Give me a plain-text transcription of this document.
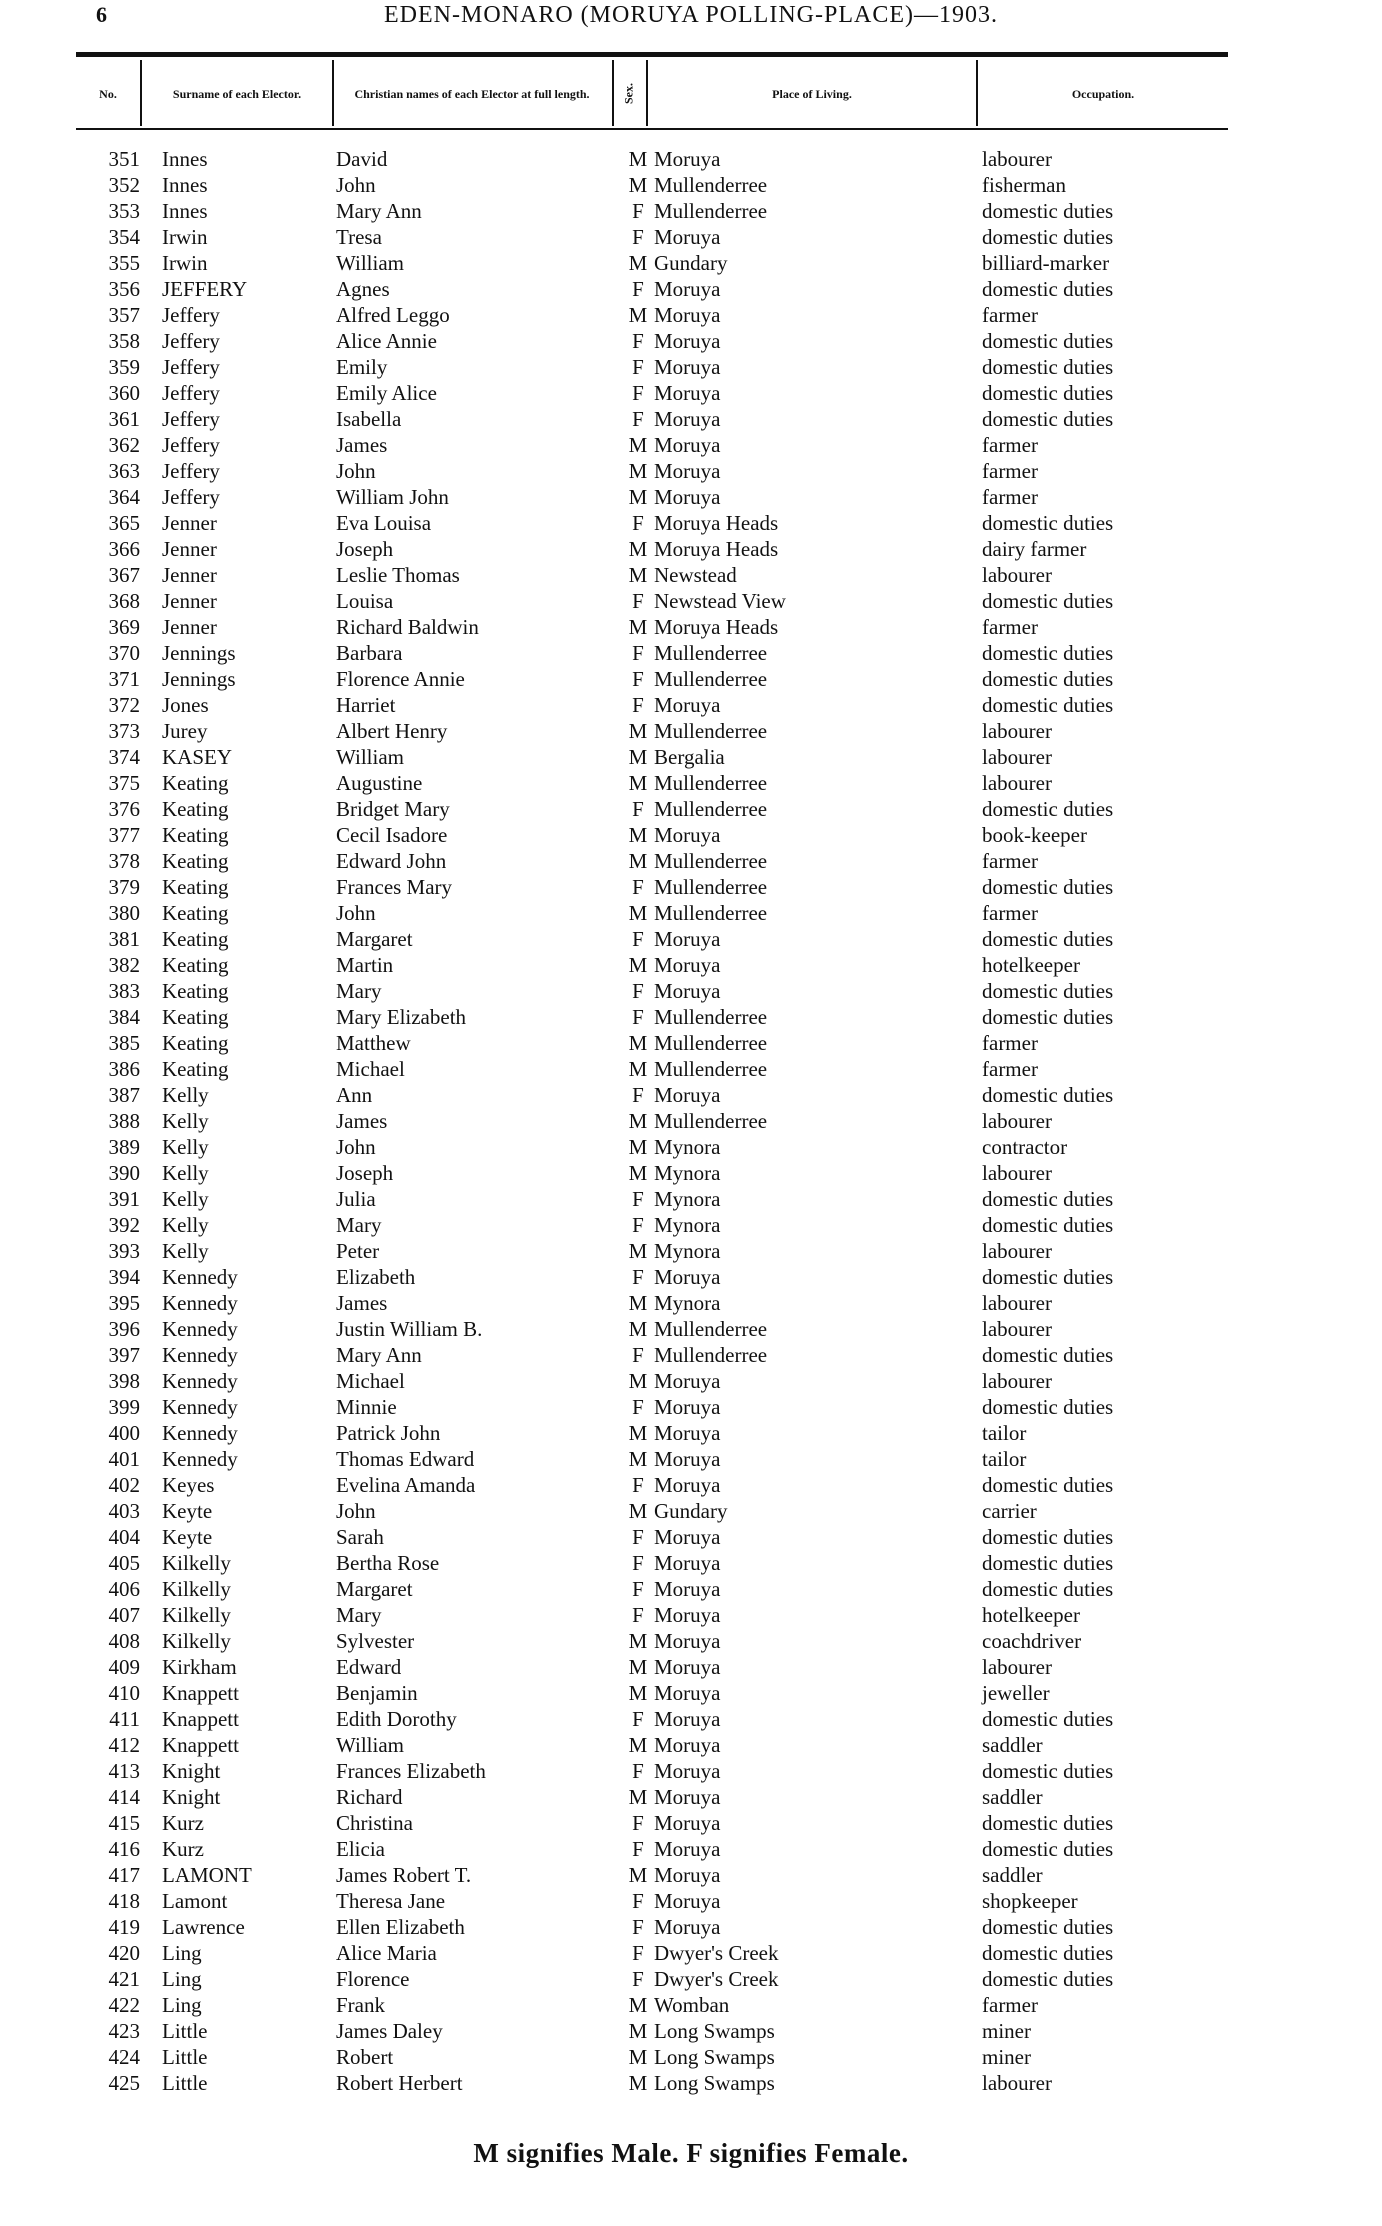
6	EDEN-MONARO (MORUYA POLLING-PLACE)—1903.
No.	Surname of each Elector.	Christian names of each Elector at full length.	Sex.	Place of Living.	Occupation.
351 Innes	David	M Moruya	labourer
352 Innes	John	M Mullenderree	fisherman
353 Innes	Mary Ann	F Mullenderree	domestic duties
354 Irwin	Tresa	F Moruya	domestic duties
355 Irwin	William	M Gundary	billiard-marker
356 JEFFERY	Agnes	F Moruya	domestic duties
357 Jeffery	Alfred Leggo	M Moruya	farmer
358 Jeffery	Alice Annie	F Moruya	domestic duties
359 Jeffery	Emily	F Moruya	domestic duties
360 Jeffery	Emily Alice	F Moruya	domestic duties
361 Jeffery	Isabella	F Moruya	domestic duties
362 Jeffery	James	M Moruya	farmer
363 Jeffery	John	M Moruya	farmer
364 Jeffery	William John	M Moruya	farmer
365 Jenner	Eva Louisa	F Moruya Heads	domestic duties
366 Jenner	Joseph	M Moruya Heads	dairy farmer
367 Jenner	Leslie Thomas	M Newstead	labourer
368 Jenner	Louisa	F Newstead View	domestic duties
369 Jenner	Richard Baldwin	M Moruya Heads	farmer
370 Jennings	Barbara	F Mullenderree	domestic duties
371 Jennings	Florence Annie	F Mullenderree	domestic duties
372 Jones	Harriet	F Moruya	domestic duties
373 Jurey	Albert Henry	M Mullenderree	labourer
374 KASEY	William	M Bergalia	labourer
375 Keating	Augustine	M Mullenderree	labourer
376 Keating	Bridget Mary	F Mullenderree	domestic duties
377 Keating	Cecil Isadore	M Moruya	book-keeper
378 Keating	Edward John	M Mullenderree	farmer
379 Keating	Frances Mary	F Mullenderree	domestic duties
380 Keating	John	M Mullenderree	farmer
381 Keating	Margaret	F Moruya	domestic duties
382 Keating	Martin	M Moruya	hotelkeeper
383 Keating	Mary	F Moruya	domestic duties
384 Keating	Mary Elizabeth	F Mullenderree	domestic duties
385 Keating	Matthew	M Mullenderree	farmer
386 Keating	Michael	M Mullenderree	farmer
387 Kelly	Ann	F Moruya	domestic duties
388 Kelly	James	M Mullenderree	labourer
389 Kelly	John	M Mynora	contractor
390 Kelly	Joseph	M Mynora	labourer
391 Kelly	Julia	F Mynora	domestic duties
392 Kelly	Mary	F Mynora	domestic duties
393 Kelly	Peter	M Mynora	labourer
394 Kennedy	Elizabeth	F Moruya	domestic duties
395 Kennedy	James	M Mynora	labourer
396 Kennedy	Justin William B.	M Mullenderree	labourer
397 Kennedy	Mary Ann	F Mullenderree	domestic duties
398 Kennedy	Michael	M Moruya	labourer
399 Kennedy	Minnie	F Moruya	domestic duties
400 Kennedy	Patrick John	M Moruya	tailor
401 Kennedy	Thomas Edward	M Moruya	tailor
402 Keyes	Evelina Amanda	F Moruya	domestic duties
403 Keyte	John	M Gundary	carrier
404 Keyte	Sarah	F Moruya	domestic duties
405 Kilkelly	Bertha Rose	F Moruya	domestic duties
406 Kilkelly	Margaret	F Moruya	domestic duties
407 Kilkelly	Mary	F Moruya	hotelkeeper
408 Kilkelly	Sylvester	M Moruya	coachdriver
409 Kirkham	Edward	M Moruya	labourer
410 Knappett	Benjamin	M Moruya	jeweller
411 Knappett	Edith Dorothy	F Moruya	domestic duties
412 Knappett	William	M Moruya	saddler
413 Knight	Frances Elizabeth	F Moruya	domestic duties
414 Knight	Richard	M Moruya	saddler
415 Kurz	Christina	F Moruya	domestic duties
416 Kurz	Elicia	F Moruya	domestic duties
417 LAMONT	James Robert T.	M Moruya	saddler
418 Lamont	Theresa Jane	F Moruya	shopkeeper
419 Lawrence	Ellen Elizabeth	F Moruya	domestic duties
420 Ling	Alice Maria	F Dwyer's Creek	domestic duties
421 Ling	Florence	F Dwyer's Creek	domestic duties
422 Ling	Frank	M Womban	farmer
423 Little	James Daley	M Long Swamps	miner
424 Little	Robert	M Long Swamps	miner
425 Little	Robert Herbert	M Long Swamps	labourer
M signifies Male. F signifies Female.
